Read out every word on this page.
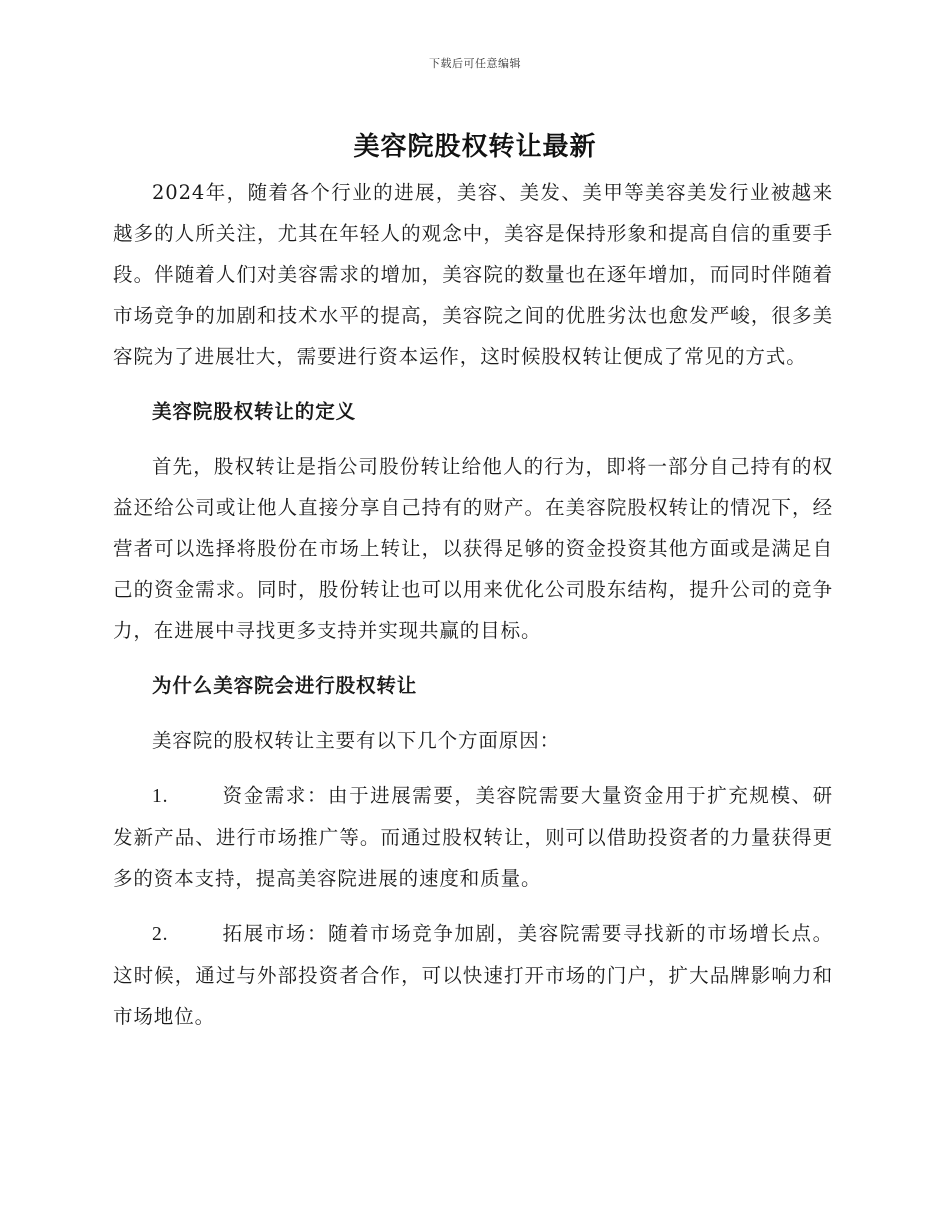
下载后可任意编辑
美容院股权转让最新

2024年，随着各个行业的进展，美容、美发、美甲等美容美发行业被越来越多的人所关注，尤其在年轻人的观念中，美容是保持形象和提高自信的重要手段。伴随着人们对美容需求的增加，美容院的数量也在逐年增加，而同时伴随着市场竞争的加剧和技术水平的提高，美容院之间的优胜劣汰也愈发严峻，很多美容院为了进展壮大，需要进行资本运作，这时候股权转让便成了常见的方式。

美容院股权转让的定义

首先，股权转让是指公司股份转让给他人的行为，即将一部分自己持有的权益还给公司或让他人直接分享自己持有的财产。在美容院股权转让的情况下，经营者可以选择将股份在市场上转让，以获得足够的资金投资其他方面或是满足自己的资金需求。同时，股份转让也可以用来优化公司股东结构，提升公司的竞争力，在进展中寻找更多支持并实现共赢的目标。

为什么美容院会进行股权转让

美容院的股权转让主要有以下几个方面原因：

1.	资金需求：由于进展需要，美容院需要大量资金用于扩充规模、研发新产品、进行市场推广等。而通过股权转让，则可以借助投资者的力量获得更多的资本支持，提高美容院进展的速度和质量。

2.	拓展市场：随着市场竞争加剧，美容院需要寻找新的市场增长点。这时候，通过与外部投资者合作，可以快速打开市场的门户，扩大品牌影响力和市场地位。
